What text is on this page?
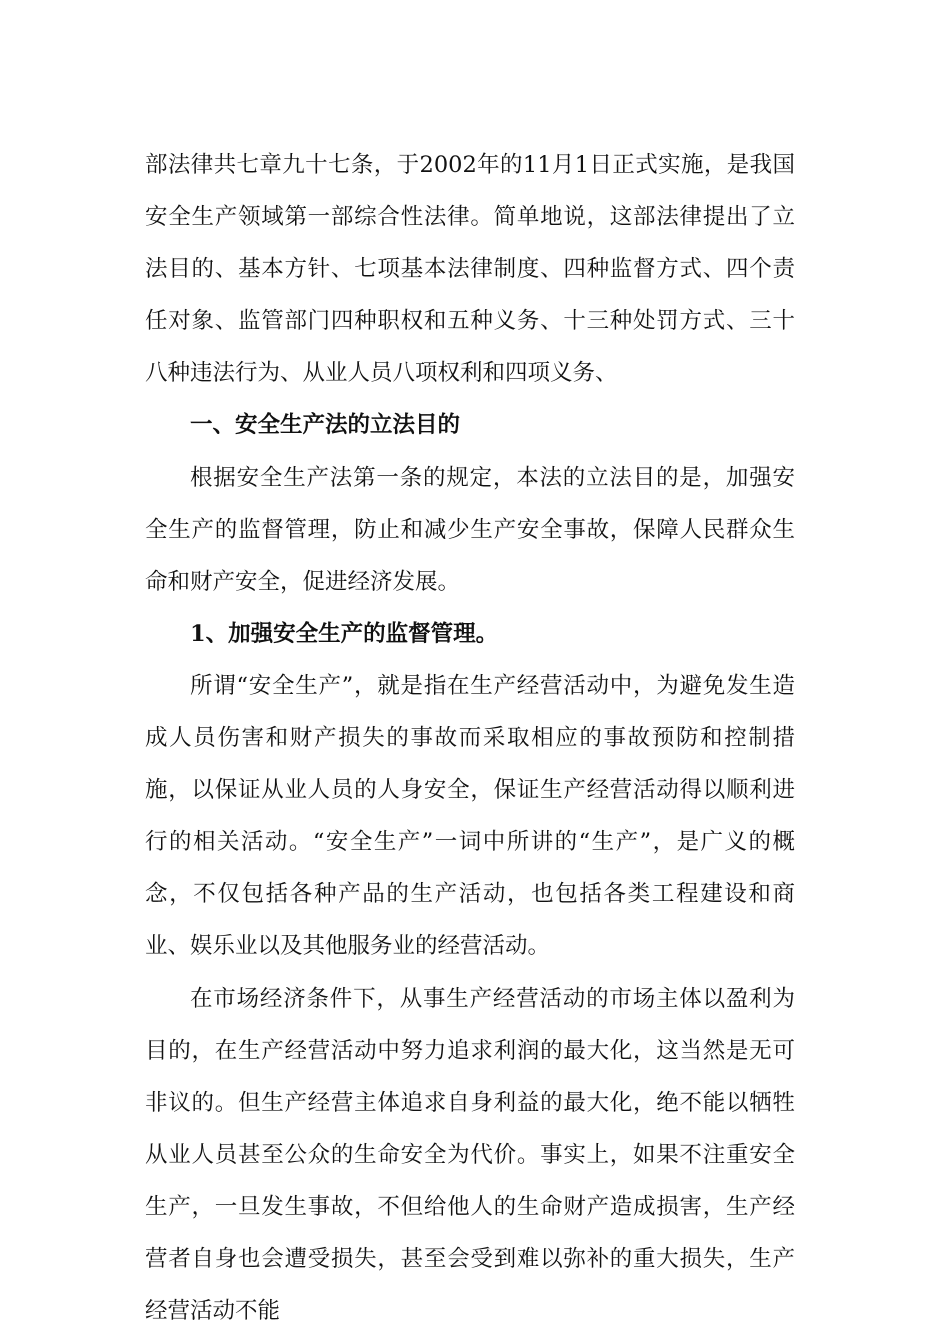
部法律共七章九十七条，于2002年的11月1日正式实施，是我国安全生产领域第一部综合性法律。简单地说，这部法律提出了立法目的、基本方针、七项基本法律制度、四种监督方式、四个责任对象、监管部门四种职权和五种义务、十三种处罚方式、三十八种违法行为、从业人员八项权利和四项义务、

一、安全生产法的立法目的

根据安全生产法第一条的规定，本法的立法目的是，加强安全生产的监督管理，防止和减少生产安全事故，保障人民群众生命和财产安全，促进经济发展。

1、加强安全生产的监督管理。

所谓“安全生产”，就是指在生产经营活动中，为避免发生造成人员伤害和财产损失的事故而采取相应的事故预防和控制措施，以保证从业人员的人身安全，保证生产经营活动得以顺利进行的相关活动。“安全生产”一词中所讲的“生产”，是广义的概念，不仅包括各种产品的生产活动，也包括各类工程建设和商业、娱乐业以及其他服务业的经营活动。

在市场经济条件下，从事生产经营活动的市场主体以盈利为目的，在生产经营活动中努力追求利润的最大化，这当然是无可非议的。但生产经营主体追求自身利益的最大化，绝不能以牺牲从业人员甚至公众的生命安全为代价。事实上，如果不注重安全生产，一旦发生事故，不但给他人的生命财产造成损害，生产经营者自身也会遭受损失，甚至会受到难以弥补的重大损失，生产经营活动不能
